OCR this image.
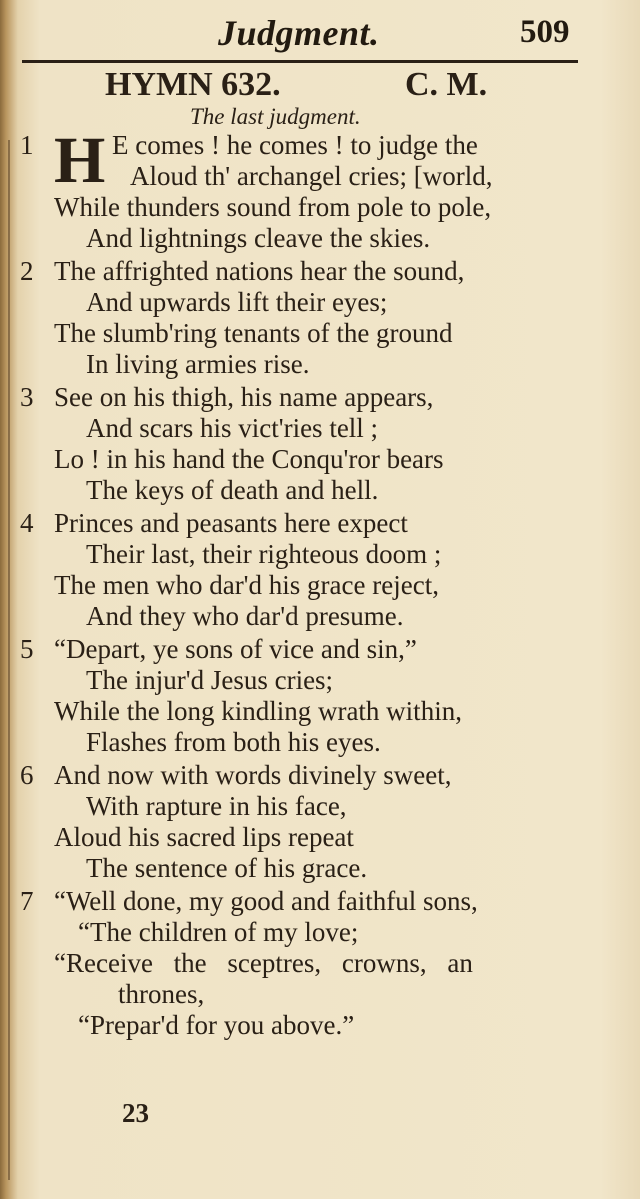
Judgment.	509
HYMN 632.	C. M.
The last judgment.
1 H E comes ! he comes ! to judge the
Aloud th' archangel cries; [world,
While thunders sound from pole to pole,
And lightnings cleave the skies.
2 The affrighted nations hear the sound,
And upwards lift their eyes;
The slumb'ring tenants of the ground
In living armies rise.
3 See on his thigh, his name appears,
And scars his vict'ries tell ;
Lo ! in his hand the Conqu'ror bears
The keys of death and hell.
4 Princes and peasants here expect
Their last, their righteous doom ;
The men who dar'd his grace reject,
And they who dar'd presume.
5 “Depart, ye sons of vice and sin,”
The injur'd Jesus cries;
While the long kindling wrath within,
Flashes from both his eyes.
6 And now with words divinely sweet,
With rapture in his face,
Aloud his sacred lips repeat
The sentence of his grace.
7 “Well done, my good and faithful sons,
“The children of my love;
“Receive the sceptres, crowns, an
thrones,
“Prepar'd for you above.”
23
